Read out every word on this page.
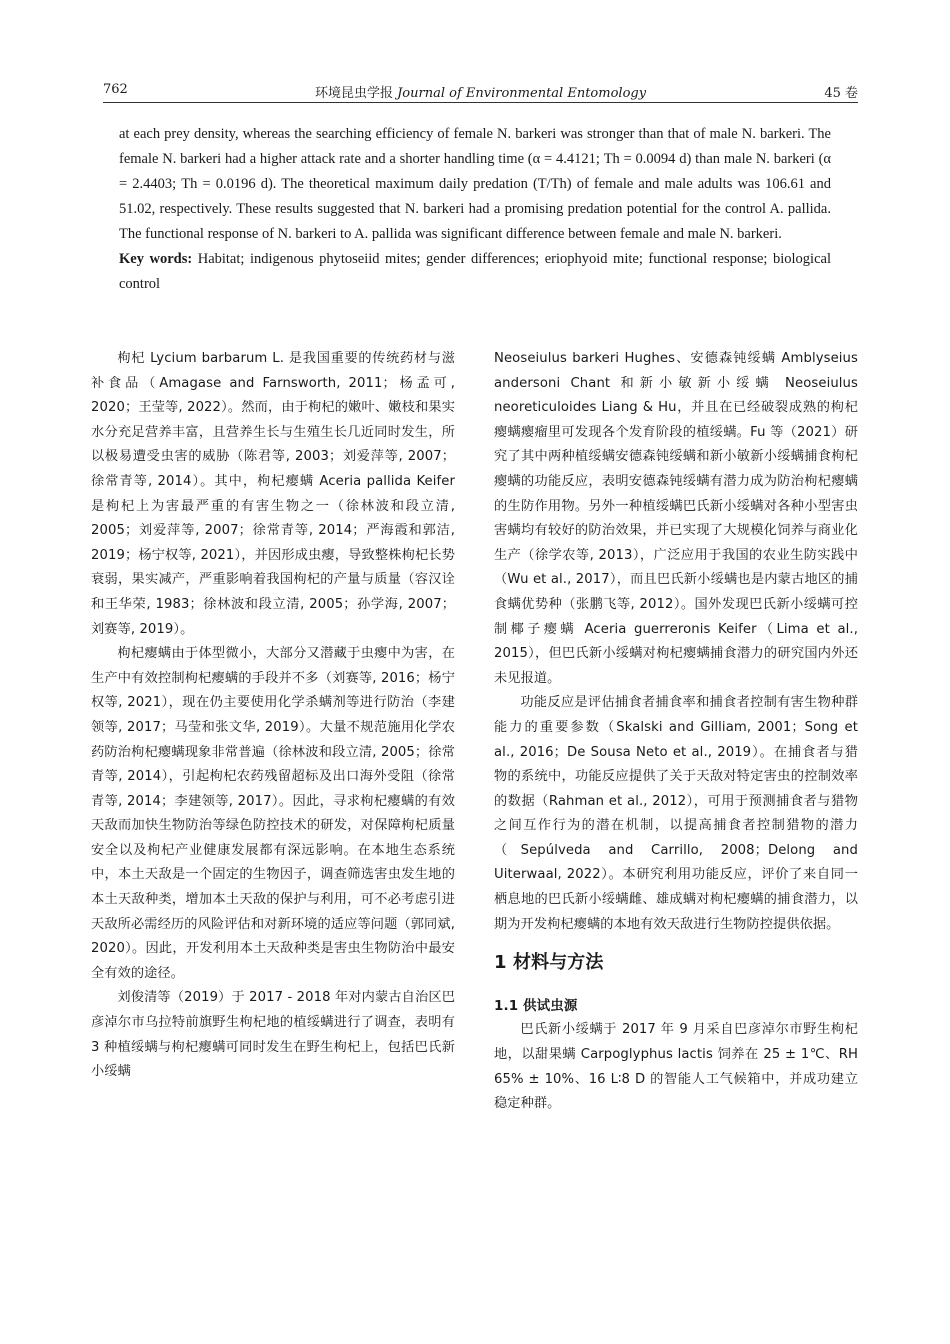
762	环境昆虫学报 Journal of Environmental Entomology	45 卷

at each prey density, whereas the searching efficiency of female N. barkeri was stronger than that of male N. barkeri. The female N. barkeri had a higher attack rate and a shorter handling time (α = 4.4121; Th = 0.0094 d) than male N. barkeri (α = 2.4403; Th = 0.0196 d). The theoretical maximum daily predation (T/Th) of female and male adults was 106.61 and 51.02, respectively. These results suggested that N. barkeri had a promising predation potential for the control A. pallida. The functional response of N. barkeri to A. pallida was significant difference between female and male N. barkeri.

Key words: Habitat; indigenous phytoseiid mites; gender differences; eriophyoid mite; functional response; biological control

枸杞 Lycium barbarum L. 是我国重要的传统药材与滋补食品（Amagase and Farnsworth, 2011；杨孟可, 2020；王莹等, 2022）。然而，由于枸杞的嫩叶、嫩枝和果实水分充足营养丰富，且营养生长与生殖生长几近同时发生，所以极易遭受虫害的威胁（陈君等, 2003；刘爱萍等, 2007；徐常青等, 2014）。其中，枸杞瘿螨 Aceria pallida Keifer 是枸杞上为害最严重的有害生物之一（徐林波和段立清, 2005；刘爱萍等, 2007；徐常青等, 2014；严海霞和郭洁, 2019；杨宁权等, 2021），并因形成虫瘿，导致整株枸杞长势衰弱，果实减产，严重影响着我国枸杞的产量与质量（容汉诠和王华荣, 1983；徐林波和段立清, 2005；孙学海, 2007；刘赛等, 2019）。

枸杞瘿螨由于体型微小，大部分又潜藏于虫瘿中为害，在生产中有效控制枸杞瘿螨的手段并不多（刘赛等, 2016；杨宁权等, 2021），现在仍主要使用化学杀螨剂等进行防治（李建领等, 2017；马莹和张文华, 2019）。大量不规范施用化学农药防治枸杞瘿螨现象非常普遍（徐林波和段立清, 2005；徐常青等, 2014），引起枸杞农药残留超标及出口海外受阻（徐常青等, 2014；李建领等, 2017）。因此，寻求枸杞瘿螨的有效天敌而加快生物防治等绿色防控技术的研发，对保障枸杞质量安全以及枸杞产业健康发展都有深远影响。在本地生态系统中，本土天敌是一个固定的生物因子，调查筛选害虫发生地的本土天敌种类，增加本土天敌的保护与利用，可不必考虑引进天敌所必需经历的风险评估和对新环境的适应等问题（郭同斌, 2020）。因此，开发利用本土天敌种类是害虫生物防治中最安全有效的途径。

刘俊清等（2019）于 2017 - 2018 年对内蒙古自治区巴彦淖尔市乌拉特前旗野生枸杞地的植绥螨进行了调查，表明有 3 种植绥螨与枸杞瘿螨可同时发生在野生枸杞上，包括巴氏新小绥螨

Neoseiulus barkeri Hughes、安德森钝绥螨 Amblyseius andersoni Chant 和新小敏新小绥螨 Neoseiulus neoreticuloides Liang & Hu，并且在已经破裂成熟的枸杞瘿螨瘿瘤里可发现各个发育阶段的植绥螨。Fu 等（2021）研究了其中两种植绥螨安德森钝绥螨和新小敏新小绥螨捕食枸杞瘿螨的功能反应，表明安德森钝绥螨有潜力成为防治枸杞瘿螨的生防作用物。另外一种植绥螨巴氏新小绥螨对各种小型害虫害螨均有较好的防治效果，并已实现了大规模化饲养与商业化生产（徐学农等, 2013），广泛应用于我国的农业生防实践中（Wu et al., 2017），而且巴氏新小绥螨也是内蒙古地区的捕食螨优势种（张鹏飞等, 2012）。国外发现巴氏新小绥螨可控制椰子瘿螨 Aceria guerreronis Keifer（Lima et al., 2015），但巴氏新小绥螨对枸杞瘿螨捕食潜力的研究国内外还未见报道。

功能反应是评估捕食者捕食率和捕食者控制有害生物种群能力的重要参数（Skalski and Gilliam, 2001；Song et al., 2016；De Sousa Neto et al., 2019）。在捕食者与猎物的系统中，功能反应提供了关于天敌对特定害虫的控制效率的数据（Rahman et al., 2012），可用于预测捕食者与猎物之间互作行为的潜在机制，以提高捕食者控制猎物的潜力（Sepúlveda and Carrillo, 2008；Delong and Uiterwaal, 2022）。本研究利用功能反应，评价了来自同一栖息地的巴氏新小绥螨雌、雄成螨对枸杞瘿螨的捕食潜力，以期为开发枸杞瘿螨的本地有效天敌进行生物防控提供依据。

1 材料与方法
1.1 供试虫源

巴氏新小绥螨于 2017 年 9 月采自巴彦淖尔市野生枸杞地，以甜果螨 Carpoglyphus lactis 饲养在 25 ± 1℃、RH 65% ± 10%、16 L∶8 D 的智能人工气候箱中，并成功建立稳定种群。
